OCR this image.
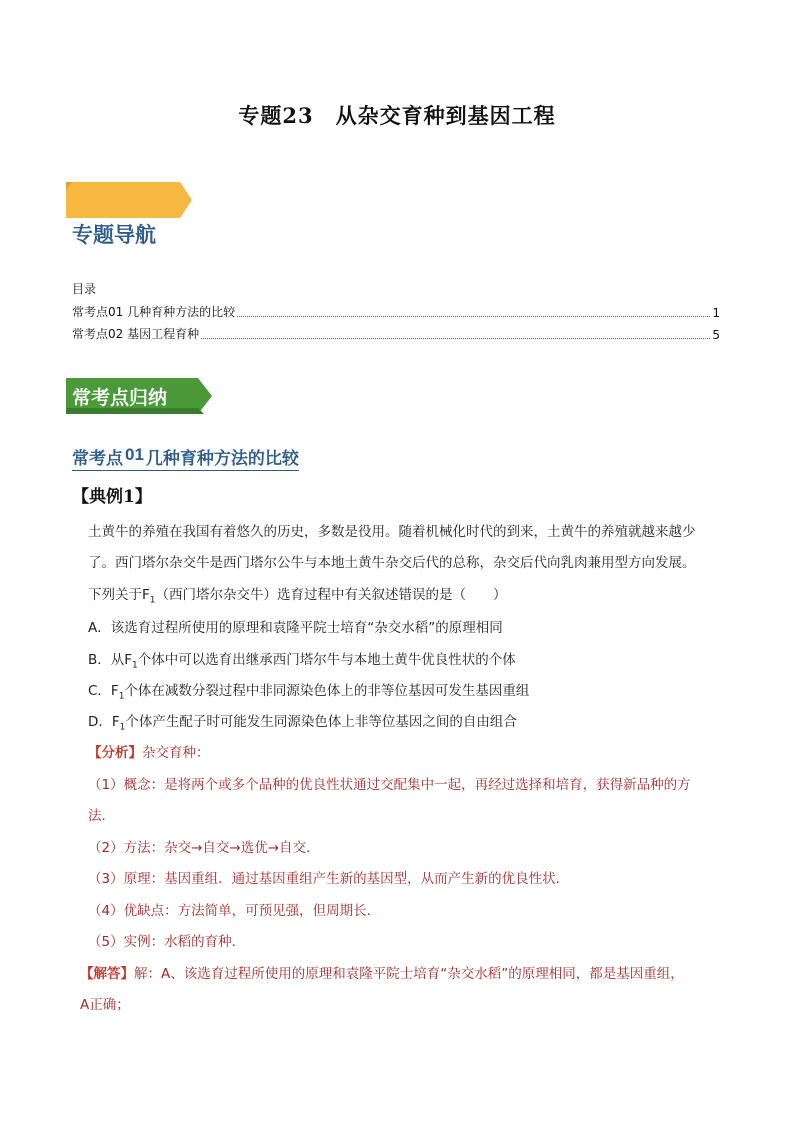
专题23　从杂交育种到基因工程
专题导航
目录
常考点01 几种育种方法的比较	1
常考点02 基因工程育种	5
常考点归纳
常考点 01 几种育种方法的比较
【典例1】
土黄牛的养殖在我国有着悠久的历史，多数是役用。随着机械化时代的到来，土黄牛的养殖就越来越少
了。西门塔尔杂交牛是西门塔尔公牛与本地土黄牛杂交后代的总称，杂交后代向乳肉兼用型方向发展。
下列关于$F_1$（西门塔尔杂交牛）选育过程中有关叙述错误的是（　　）
A．该选育过程所使用的原理和袁隆平院士培育“杂交水稻”的原理相同
B．从$F_1$个体中可以选育出继承西门塔尔牛与本地土黄牛优良性状的个体
C．$F_1$个体在减数分裂过程中非同源染色体上的非等位基因可发生基因重组
D．$F_1$个体产生配子时可能发生同源染色体上非等位基因之间的自由组合
【分析】杂交育种：
（1）概念：是将两个或多个品种的优良性状通过交配集中一起，再经过选择和培育，获得新品种的方
法．
（2）方法：杂交→自交→选优→自交．
（3）原理：基因重组．通过基因重组产生新的基因型，从而产生新的优良性状．
（4）优缺点：方法简单，可预见强，但周期长．
（5）实例：水稻的育种．
【解答】解：A、该选育过程所使用的原理和袁隆平院士培育“杂交水稻”的原理相同，都是基因重组，
A正确；
